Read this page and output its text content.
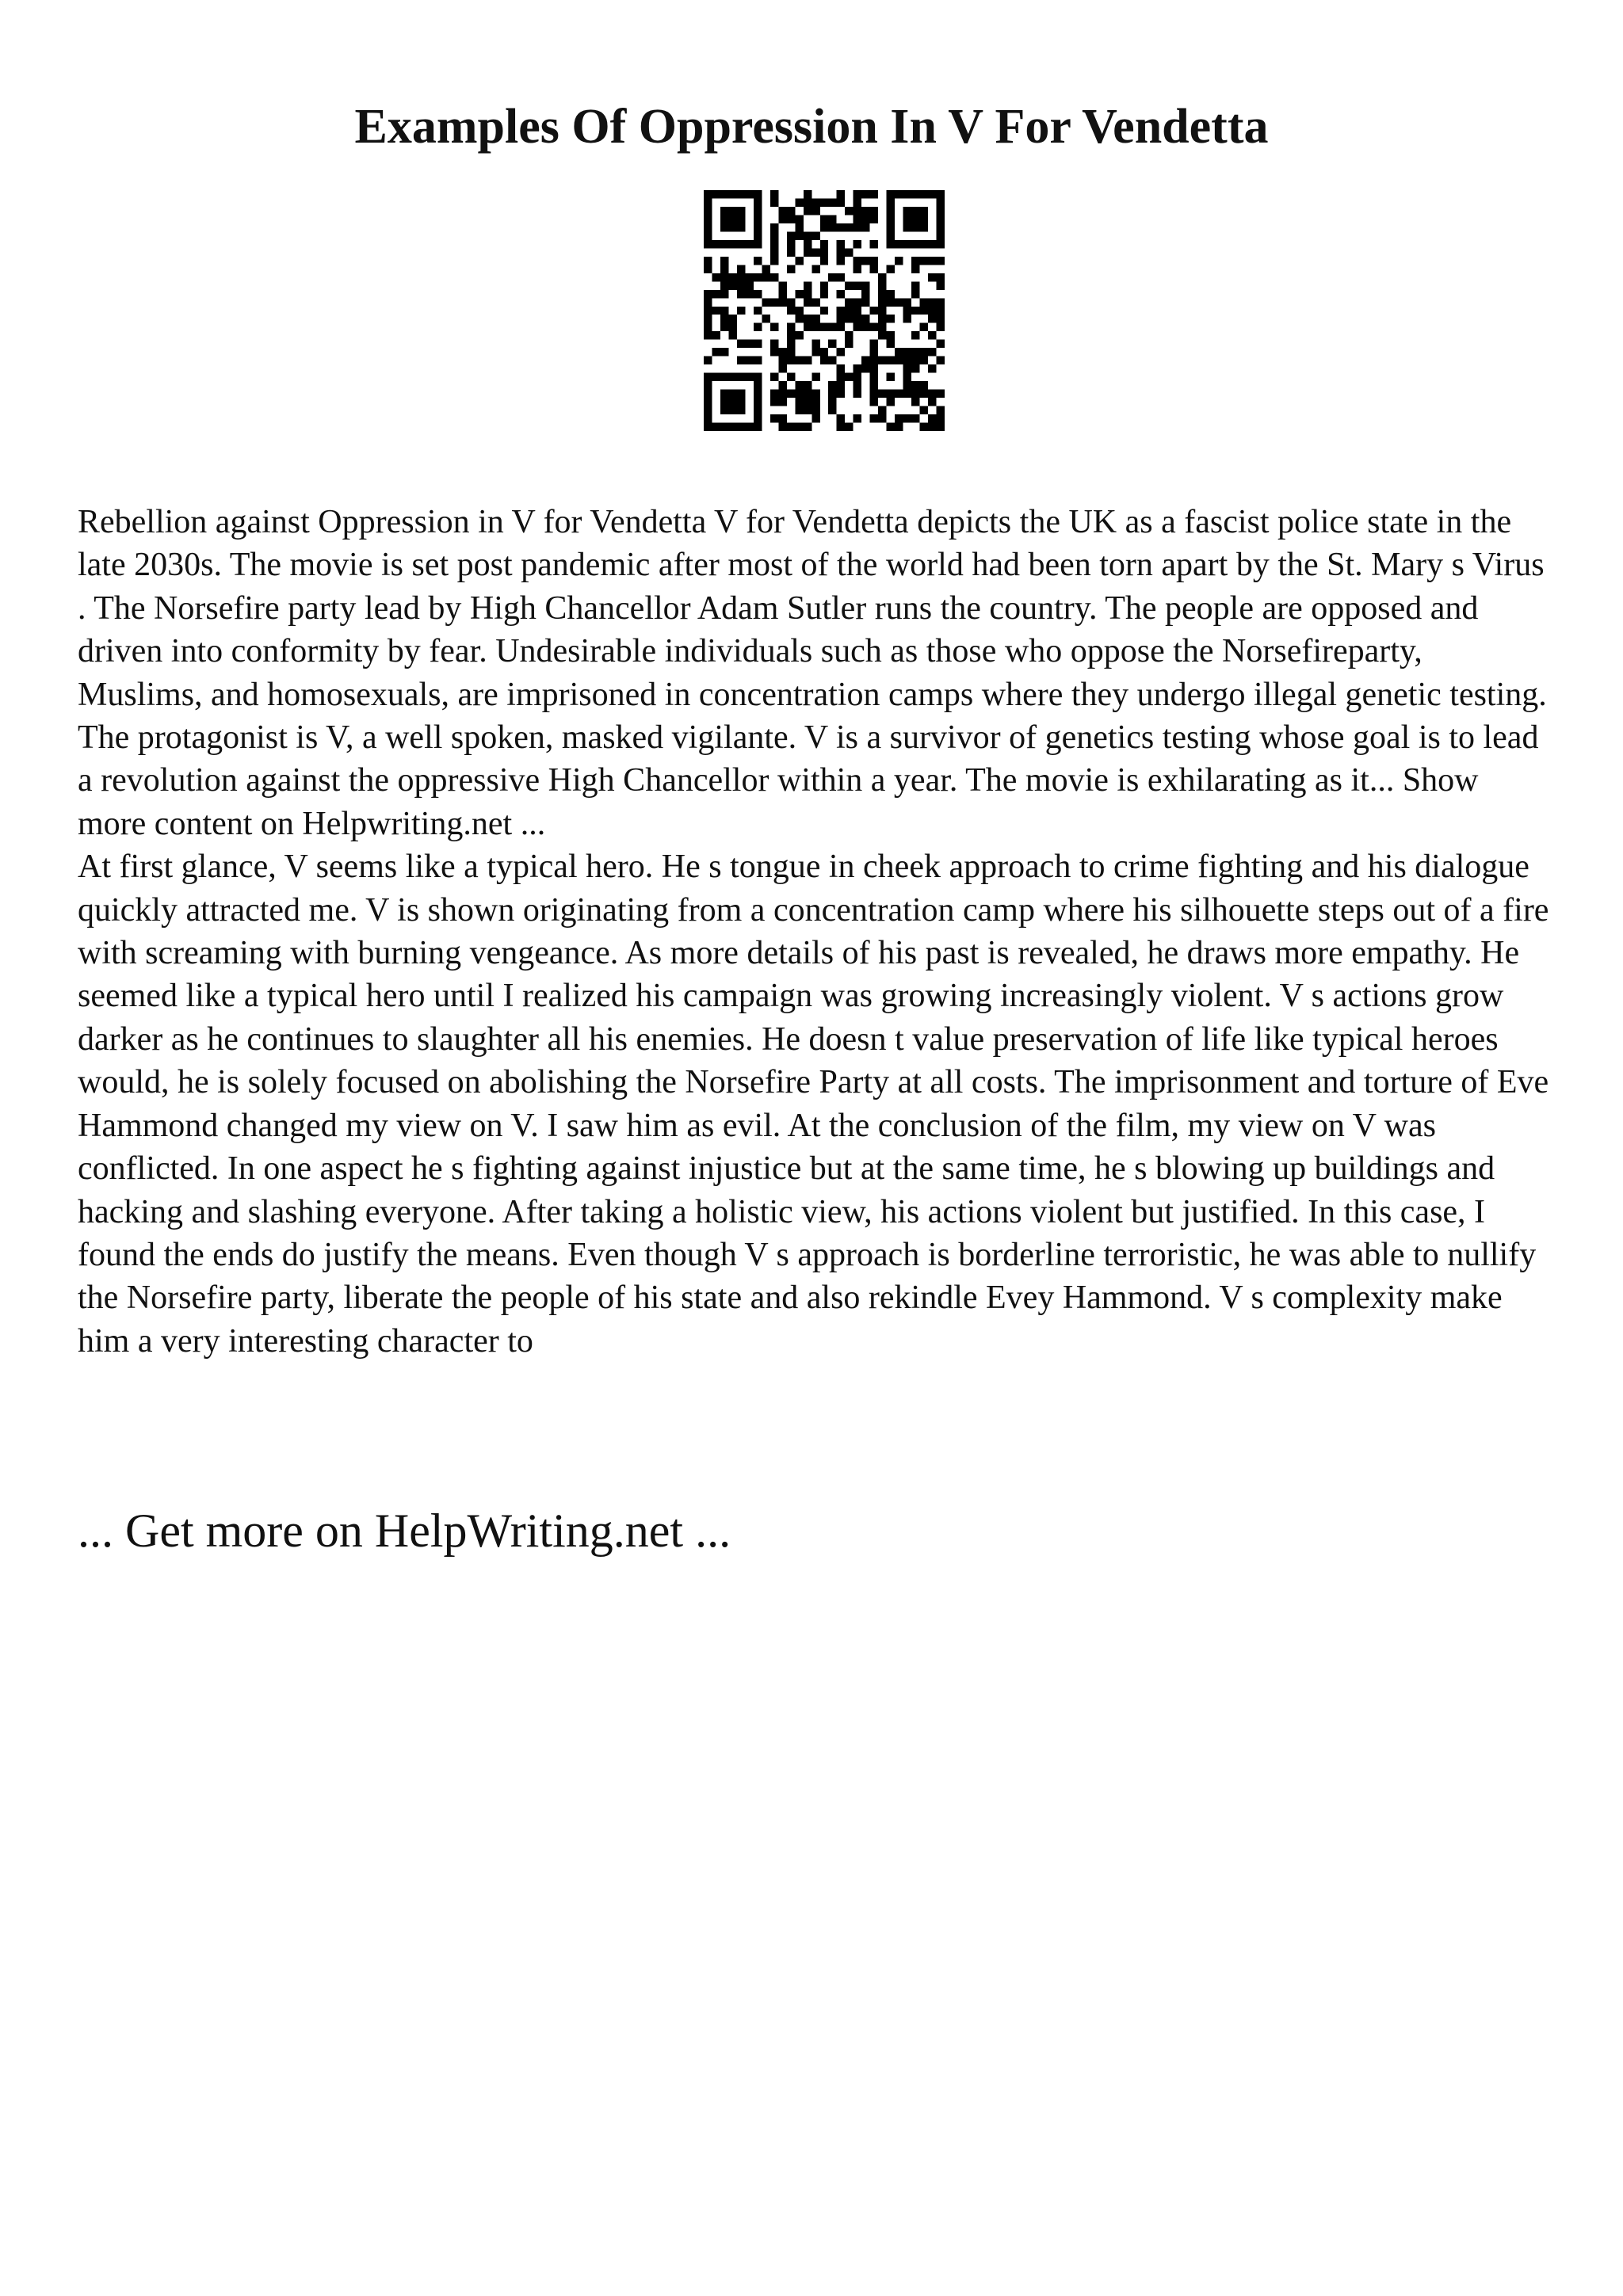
Examples Of Oppression In V For Vendetta

Rebellion against Oppression in V for Vendetta V for Vendetta depicts the UK as a fascist police state in the late 2030s. The movie is set post pandemic after most of the world had been torn apart by the St. Mary s Virus . The Norsefire party lead by High Chancellor Adam Sutler runs the country. The people are opposed and driven into conformity by fear. Undesirable individuals such as those who oppose the Norsefireparty, Muslims, and homosexuals, are imprisoned in concentration camps where they undergo illegal genetic testing. The protagonist is V, a well spoken, masked vigilante. V is a survivor of genetics testing whose goal is to lead a revolution against the oppressive High Chancellor within a year. The movie is exhilarating as it... Show more content on Helpwriting.net ...

At first glance, V seems like a typical hero. He s tongue in cheek approach to crime fighting and his dialogue quickly attracted me. V is shown originating from a concentration camp where his silhouette steps out of a fire with screaming with burning vengeance. As more details of his past is revealed, he draws more empathy. He seemed like a typical hero until I realized his campaign was growing increasingly violent. V s actions grow darker as he continues to slaughter all his enemies. He doesn t value preservation of life like typical heroes would, he is solely focused on abolishing the Norsefire Party at all costs. The imprisonment and torture of Eve Hammond changed my view on V. I saw him as evil. At the conclusion of the film, my view on V was conflicted. In one aspect he s fighting against injustice but at the same time, he s blowing up buildings and hacking and slashing everyone. After taking a holistic view, his actions violent but justified. In this case, I found the ends do justify the means. Even though V s approach is borderline terroristic, he was able to nullify the Norsefire party, liberate the people of his state and also rekindle Evey Hammond. V s complexity make him a very interesting character to

... Get more on HelpWriting.net ...
